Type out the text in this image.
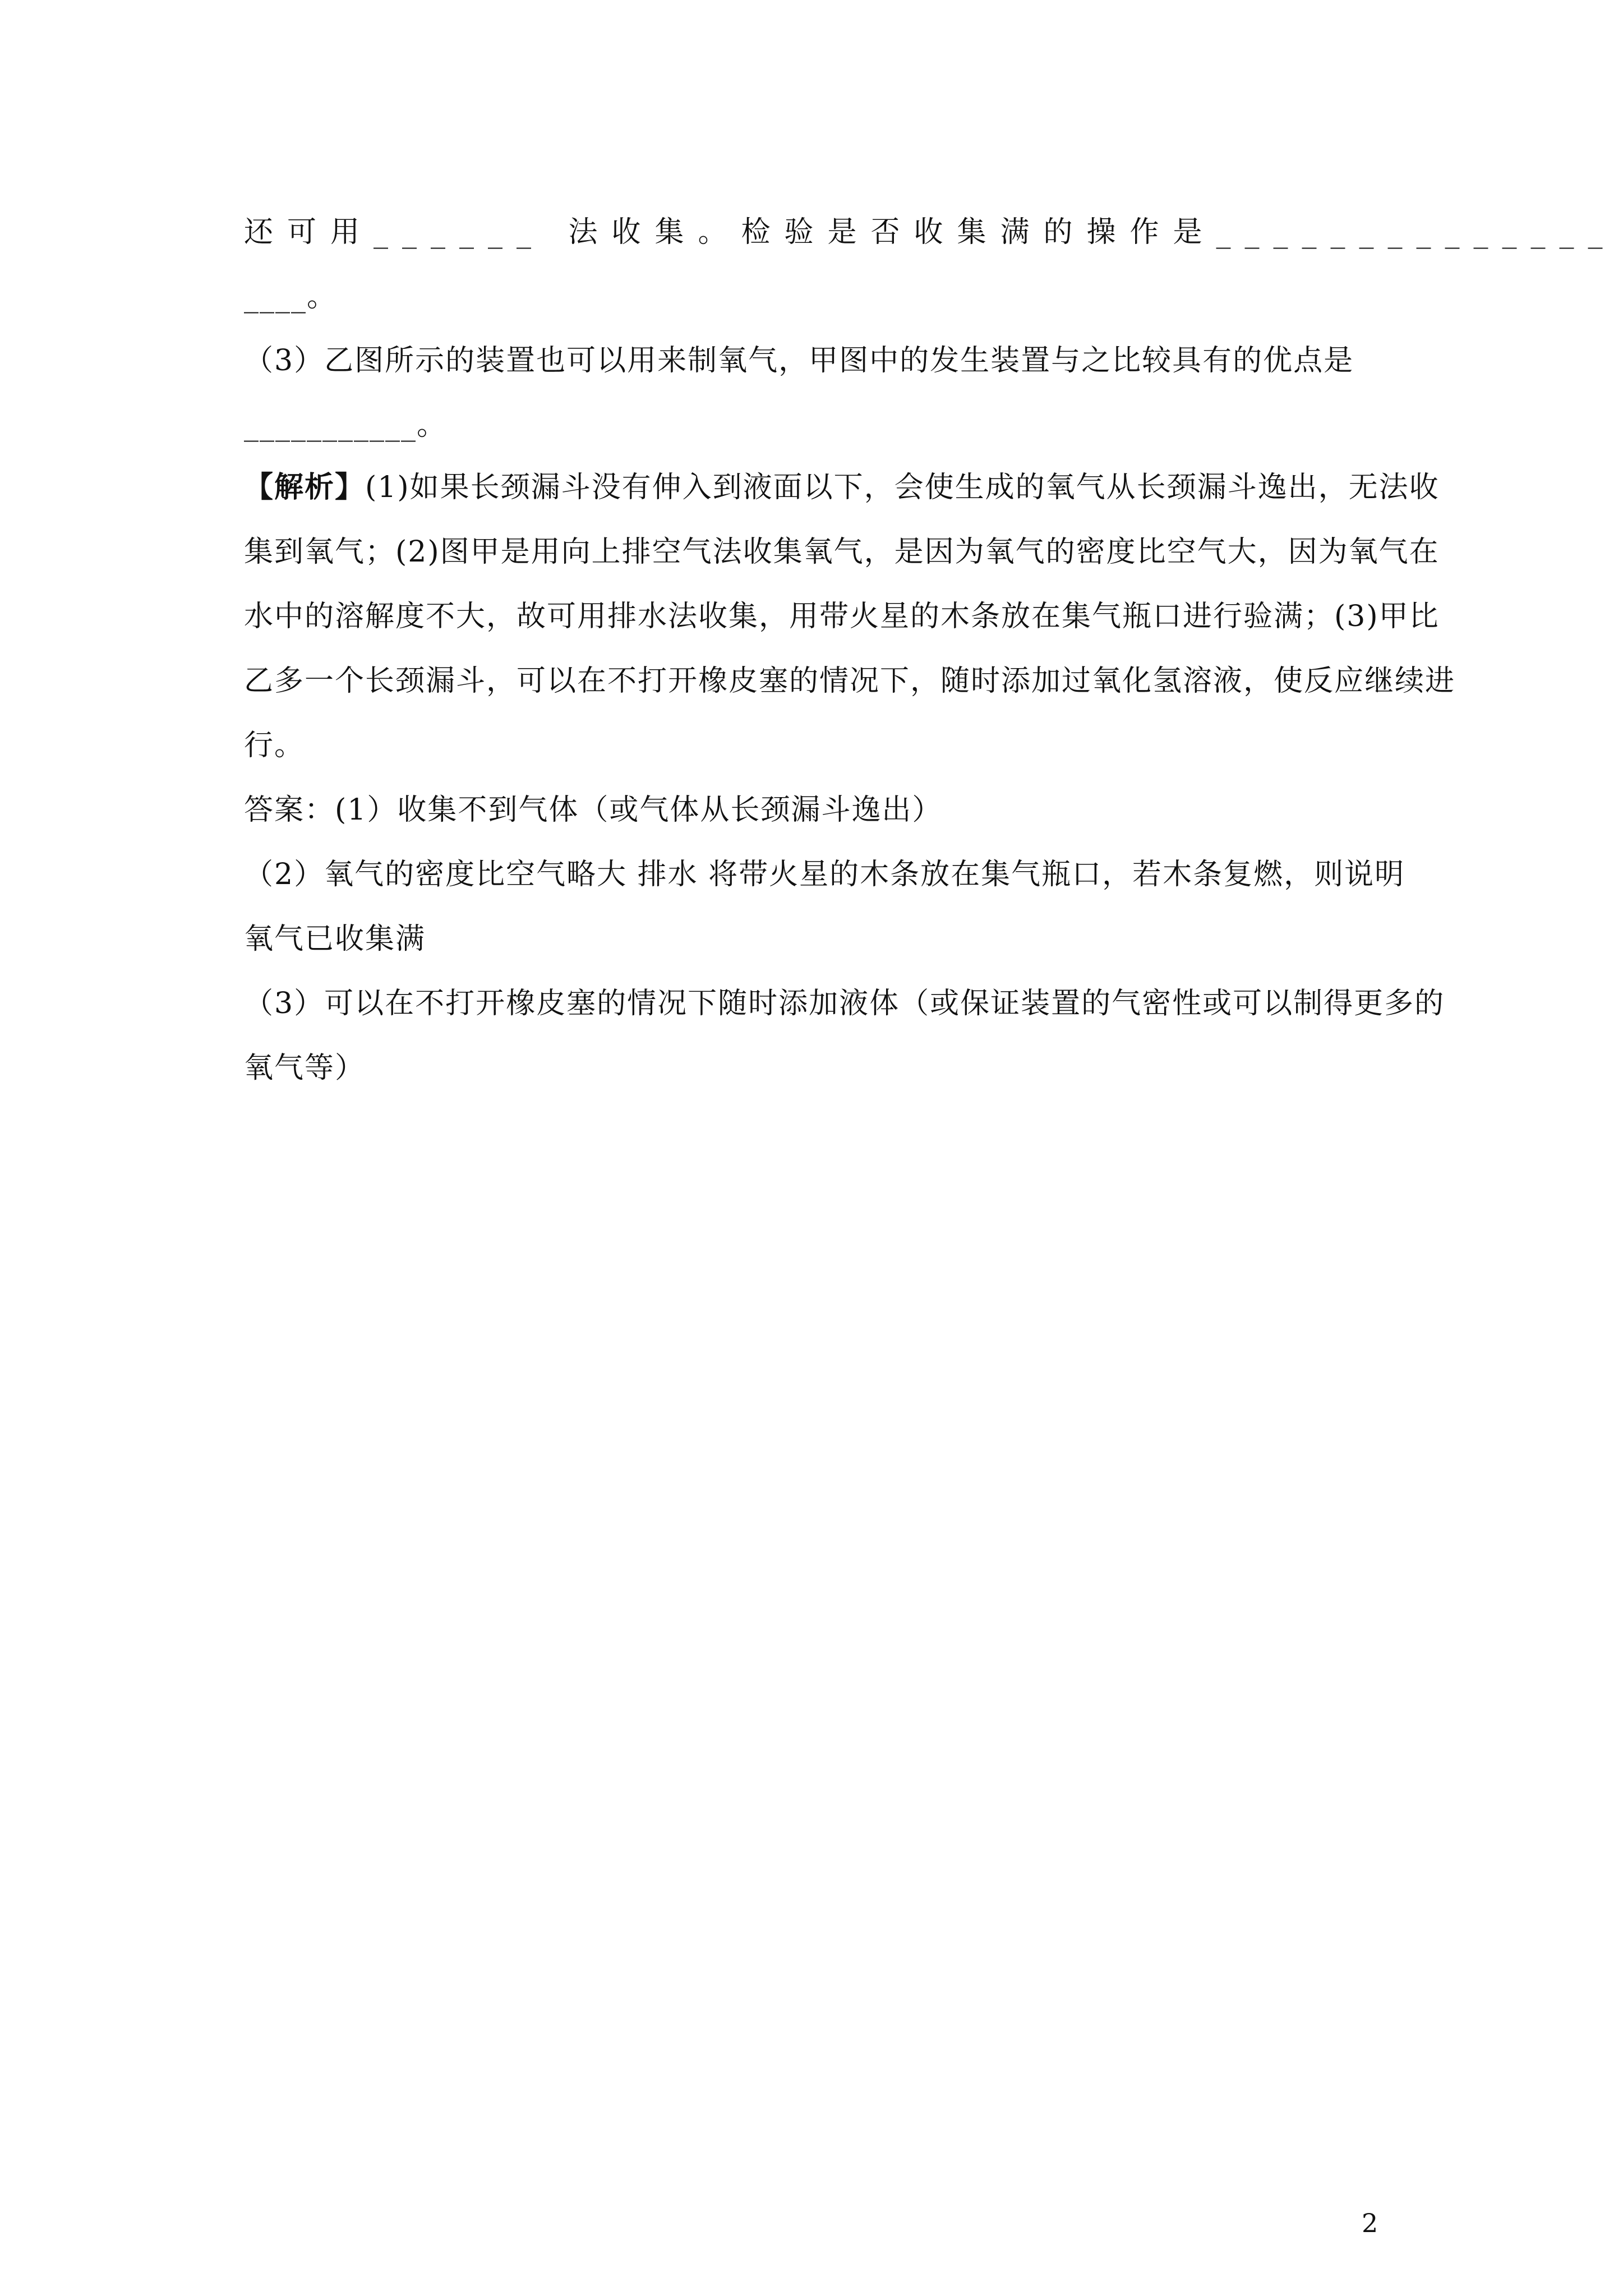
还可用______ 法收集。检验是否收集满的操作是______________
____。
（3）乙图所示的装置也可以用来制氧气，甲图中的发生装置与之比较具有的优点是
___________。
【解析】(1)如果长颈漏斗没有伸入到液面以下，会使生成的氧气从长颈漏斗逸出，无法收
集到氧气；(2)图甲是用向上排空气法收集氧气，是因为氧气的密度比空气大，因为氧气在
水中的溶解度不大，故可用排水法收集，用带火星的木条放在集气瓶口进行验满；(3)甲比
乙多一个长颈漏斗，可以在不打开橡皮塞的情况下，随时添加过氧化氢溶液，使反应继续进
行。
答案：(1）收集不到气体（或气体从长颈漏斗逸出）
（2）氧气的密度比空气略大 排水 将带火星的木条放在集气瓶口，若木条复燃，则说明
氧气已收集满
（3）可以在不打开橡皮塞的情况下随时添加液体（或保证装置的气密性或可以制得更多的
氧气等）
2
